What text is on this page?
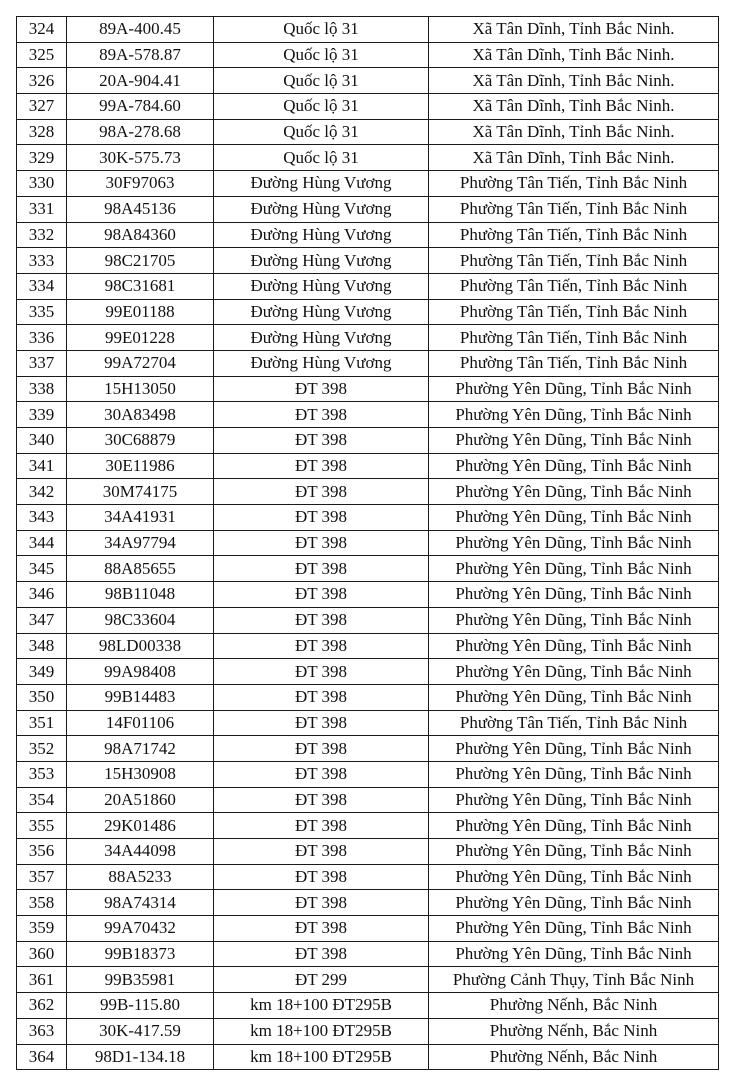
324	89A-400.45	Quốc lộ 31	Xã Tân Dĩnh, Tỉnh Bắc Ninh.
325	89A-578.87	Quốc lộ 31	Xã Tân Dĩnh, Tỉnh Bắc Ninh.
326	20A-904.41	Quốc lộ 31	Xã Tân Dĩnh, Tỉnh Bắc Ninh.
327	99A-784.60	Quốc lộ 31	Xã Tân Dĩnh, Tỉnh Bắc Ninh.
328	98A-278.68	Quốc lộ 31	Xã Tân Dĩnh, Tỉnh Bắc Ninh.
329	30K-575.73	Quốc lộ 31	Xã Tân Dĩnh, Tỉnh Bắc Ninh.
330	30F97063	Đường Hùng Vương	Phường Tân Tiến, Tỉnh Bắc Ninh
331	98A45136	Đường Hùng Vương	Phường Tân Tiến, Tỉnh Bắc Ninh
332	98A84360	Đường Hùng Vương	Phường Tân Tiến, Tỉnh Bắc Ninh
333	98C21705	Đường Hùng Vương	Phường Tân Tiến, Tỉnh Bắc Ninh
334	98C31681	Đường Hùng Vương	Phường Tân Tiến, Tỉnh Bắc Ninh
335	99E01188	Đường Hùng Vương	Phường Tân Tiến, Tỉnh Bắc Ninh
336	99E01228	Đường Hùng Vương	Phường Tân Tiến, Tỉnh Bắc Ninh
337	99A72704	Đường Hùng Vương	Phường Tân Tiến, Tỉnh Bắc Ninh
338	15H13050	ĐT 398	Phường Yên Dũng, Tỉnh Bắc Ninh
339	30A83498	ĐT 398	Phường Yên Dũng, Tỉnh Bắc Ninh
340	30C68879	ĐT 398	Phường Yên Dũng, Tỉnh Bắc Ninh
341	30E11986	ĐT 398	Phường Yên Dũng, Tỉnh Bắc Ninh
342	30M74175	ĐT 398	Phường Yên Dũng, Tỉnh Bắc Ninh
343	34A41931	ĐT 398	Phường Yên Dũng, Tỉnh Bắc Ninh
344	34A97794	ĐT 398	Phường Yên Dũng, Tỉnh Bắc Ninh
345	88A85655	ĐT 398	Phường Yên Dũng, Tỉnh Bắc Ninh
346	98B11048	ĐT 398	Phường Yên Dũng, Tỉnh Bắc Ninh
347	98C33604	ĐT 398	Phường Yên Dũng, Tỉnh Bắc Ninh
348	98LD00338	ĐT 398	Phường Yên Dũng, Tỉnh Bắc Ninh
349	99A98408	ĐT 398	Phường Yên Dũng, Tỉnh Bắc Ninh
350	99B14483	ĐT 398	Phường Yên Dũng, Tỉnh Bắc Ninh
351	14F01106	ĐT 398	Phường Tân Tiến, Tỉnh Bắc Ninh
352	98A71742	ĐT 398	Phường Yên Dũng, Tỉnh Bắc Ninh
353	15H30908	ĐT 398	Phường Yên Dũng, Tỉnh Bắc Ninh
354	20A51860	ĐT 398	Phường Yên Dũng, Tỉnh Bắc Ninh
355	29K01486	ĐT 398	Phường Yên Dũng, Tỉnh Bắc Ninh
356	34A44098	ĐT 398	Phường Yên Dũng, Tỉnh Bắc Ninh
357	88A5233	ĐT 398	Phường Yên Dũng, Tỉnh Bắc Ninh
358	98A74314	ĐT 398	Phường Yên Dũng, Tỉnh Bắc Ninh
359	99A70432	ĐT 398	Phường Yên Dũng, Tỉnh Bắc Ninh
360	99B18373	ĐT 398	Phường Yên Dũng, Tỉnh Bắc Ninh
361	99B35981	ĐT 299	Phường Cảnh Thụy, Tỉnh Bắc Ninh
362	99B-115.80	km 18+100 ĐT295B	Phường Nếnh, Bắc Ninh
363	30K-417.59	km 18+100 ĐT295B	Phường Nếnh, Bắc Ninh
364	98D1-134.18	km 18+100 ĐT295B	Phường Nếnh, Bắc Ninh
